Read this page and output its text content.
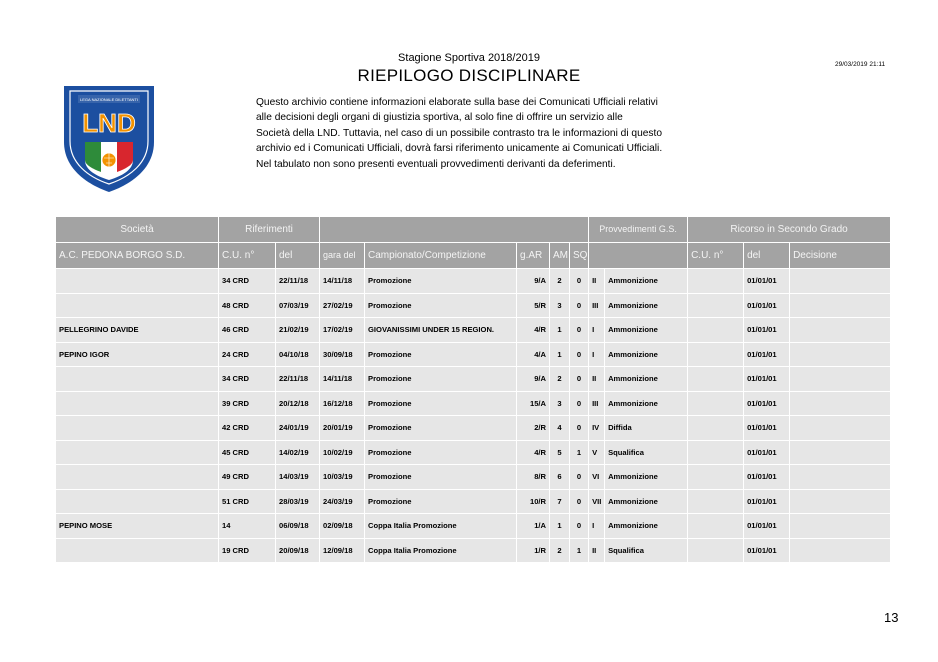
Stagione Sportiva 2018/2019
RIEPILOGO DISCIPLINARE
29/03/2019 21:11
LEGA NAZIONALE DILETTANTI
LND

Questo archivio contiene informazioni elaborate sulla base dei Comunicati Ufficiali relativi

alle decisioni degli organi di giustizia sportiva, al solo fine di offrire un servizio alle

Società della LND. Tuttavia, nel caso di un possibile contrasto tra le informazioni di questo

archivio ed i Comunicati Ufficiali, dovrà farsi riferimento unicamente ai Comunicati Ufficiali.

Nel tabulato non sono presenti eventuali provvedimenti derivanti da deferimenti.

Società	Riferimenti							Provvedimenti G.S.		Ricorso in Secondo Grado		
A.C. PEDONA BORGO S.D.	C.U. n°	del	gara del	Campionato/Competizione	g.AR	AM	SQ			C.U. n°	del	Decisione
	34 CRD	22/11/18	14/11/18	Promozione	9/A	2	0	II	Ammonizione		01/01/01	
	48 CRD	07/03/19	27/02/19	Promozione	5/R	3	0	III	Ammonizione		01/01/01	
PELLEGRINO DAVIDE	46 CRD	21/02/19	17/02/19	GIOVANISSIMI UNDER 15 REGION.	4/R	1	0	I	Ammonizione		01/01/01	
PEPINO IGOR	24 CRD	04/10/18	30/09/18	Promozione	4/A	1	0	I	Ammonizione		01/01/01	
	34 CRD	22/11/18	14/11/18	Promozione	9/A	2	0	II	Ammonizione		01/01/01	
	39 CRD	20/12/18	16/12/18	Promozione	15/A	3	0	III	Ammonizione		01/01/01	
	42 CRD	24/01/19	20/01/19	Promozione	2/R	4	0	IV	Diffida		01/01/01	
	45 CRD	14/02/19	10/02/19	Promozione	4/R	5	1	V	Squalifica		01/01/01	
	49 CRD	14/03/19	10/03/19	Promozione	8/R	6	0	VI	Ammonizione		01/01/01	
	51 CRD	28/03/19	24/03/19	Promozione	10/R	7	0	VII	Ammonizione		01/01/01	
PEPINO MOSE	14	06/09/18	02/09/18	Coppa Italia Promozione	1/A	1	0	I	Ammonizione		01/01/01	
	19 CRD	20/09/18	12/09/18	Coppa Italia Promozione	1/R	2	1	II	Squalifica		01/01/01	
13
